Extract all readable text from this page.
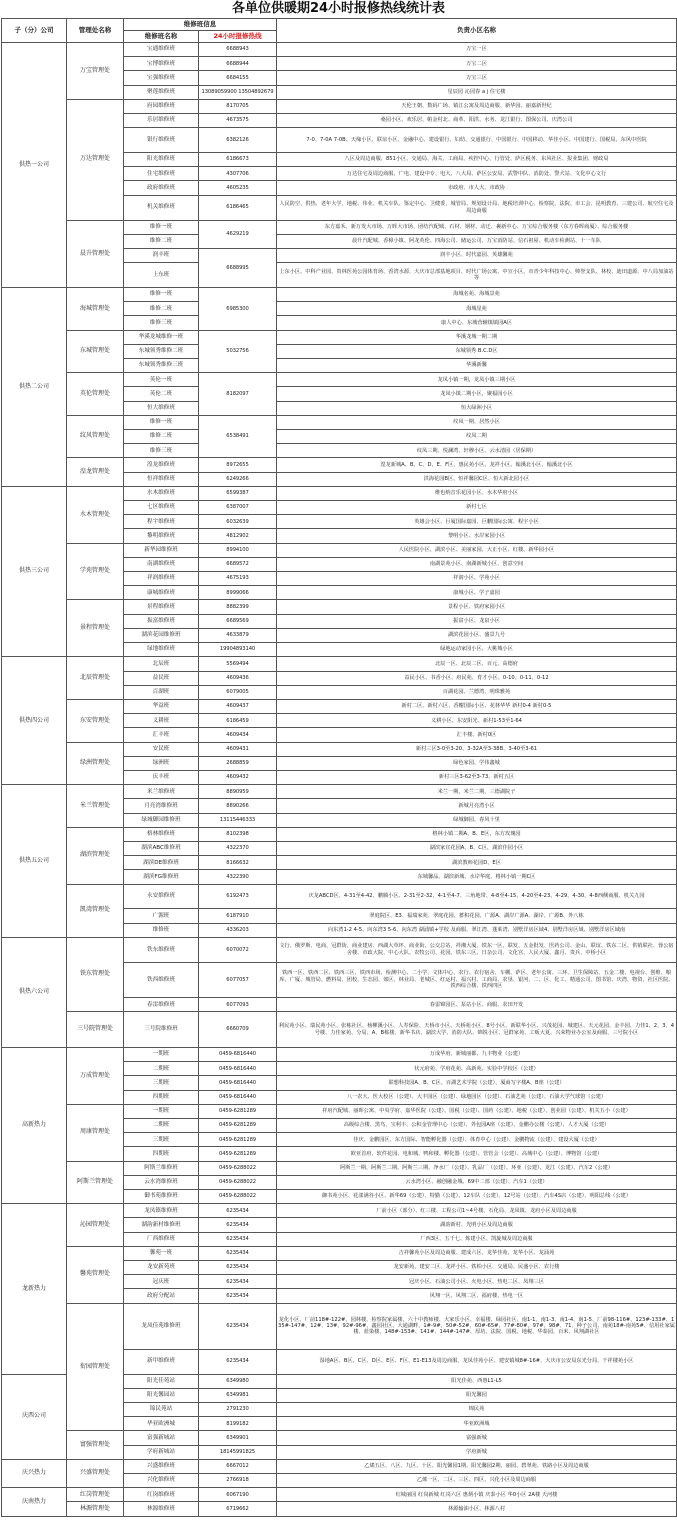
各单位供暖期24小时报修热线统计表
子（分）公司	管理处名称	维修班信息		负责小区名称
		维修班名称	24小时报修热线	
供热一公司	万宝管理处	宝通维修班	6688943	万宝一区
		宝博维修班	6688944	万宝二区
		宝强维修班	6684155	万宝三区
		聚莲维修班	13089059900 13504892679	星辰园 沁园春 a j 住宅楼
	万达管理处	府园维修班	8170705	天伦王朝、数码广场、镇江公寓及周边商服、新华园、丽嘉新世纪
		乐居维修班	4673575	桑园小区、欢乐居、帕金村北、商革、阳洪、水务、龙江银行、图保公司、庆湾公司
		银行维修班	6382126	7-0、7-0A 7-0B、天缘小区、联谊小区、金融中心、建设银行、妇幼、交通银行、中国银行、中国移动、华佳小区、中国建行、国税局、东风中医院
		阳光维修班	6186673	八区及周边商服、851小区、交通局、海关、工商局、疾控中心、行管处、萨区税务、东风社区、报业集团、财政局
		住宅维修班	4307706	万达住宅及周边商服、广电、建设中专、电大、八大局、萨区公安局、武警中队、消防处、警犬站、文化中心文行
		政府维修班	4605235	市政府、市人大、市政协
		机关维修班	6186465	人民防空、供热、老年大学、地税、伟业、机关车队、鉴定中心、卫健委、城管局、规划设计局、地税培训中心、检察院、法院、市工会、昆明教育、三建公司、航空住宅及周边商服
	晨升管理处	维修一班	4629219	东方嘉禾、新万发大市场、万晖大市场、团结汽配城、石材、钢材、动迁、裹新中心、万宝综合服务楼（东方春晖商厦）、综合服务楼
		维修二班		晨升汽配城、香樟小镇、阿龙英伦、四海公司、储运公司、万宝消防站、信石祖屋、机动车检测站、十一车队
		润丰班	6688995	润丰小区、时代嘉园、英雄馨苑
		上东班		上东小区、中科产业园、贵林医苑公园体育场、香湾水源、大庆市总部基地项目、时代广场公寓、中宣小区、市青少年科技中心、帅誉支队、林校、迪田道源、中八局加油站等
供热二公司	海城管理处	维修一班	6985300	海城名苑、海城景苑
		维修二班		海城星苑
		维修三班		康人中心、东城营辅镇镇园A区
	东城管理处	华溪龙城维修一班	5032756	华溪龙城一期二期
		东城领秀维修二班		东城领秀 B.C.D区
		东城领秀维修三班		华溪新馨
	英伦管理处	英伦一班	8182097	龙凤小镇一期，龙凤小镇三期小区
		英伦二班		龙凤小镇二期小区，聚福园小区
		恒大维修班		恒大绿洲小区
	纹风管理处	维修一班	6538491	纹凤一期、居然小区
		维修二班		纹凤二期
		维修三班		纹凤三期、悦澜湾、轩穆小区、云水清园（居保期）
	湟龙管理处	湟龙维修班	8972655	湟龙新城A、B、C、D、E、F区，惠民苑小区、龙祥小区、翰溪北小区、翰溪北小区
		恒祥维修班	6249266	洪海花园B区、恒祥馨园C区、恒大新北园小区
供热三公司	水木管理处	水木维修班	6599387	维也纳音乐花园小区、水木华府小区
		七区维修班	6387007	新村七区
		程宇维修班	6032639	英雄会小区、巨厦国际嘉园、巨鹏国际公寓、程宇小区
		黎明维修班	4812902	黎明小区、水岸家园小区
	学苑管理处	新华园维修班	8994100	人民医院小区、湖滨小区、美丽家园、大正小区、红楼、新华园小区
		南湖维修班	6689572	南湖景苑小区、南湖新城小区、创意空间
		祥润维修班	4675193	祥润小区、学苑小区
		康城维修班	8999066	康城小区、学子嘉园
	景程管理处	景程维修班	8882399	景程小区、铁府家园小区
		振富维修班	6689569	振富小区、龙泉小区
		湖滨花园维修班	4633879	湖滨花园小区、盛景九号
		绿地维修班	19904893140	绿地运动家园小区、大桃城小区
供热四公司	北辰管理处	北辰班	5569494	北辰一区、北辰二区、百元、高德府
		益民班	4609436	益民小区、书香小区、府民苑、育才小区、0-10、0-11、0-12
		百湖班	6079005	百湖花园、兰德湾、明珠雅苑
	东安管理处	华益班	4609437	新村二区、新村六区、香榭国际小区、花林华华 新村0-4 新村0-5
		义耕班	6186459	义耕小区、东安阳光、新村1-53至1-64
		汇丰班	4609434	汇丰楼、新村0区
	绿洲管理处	安民班	4609431	新村三区3-0至3-20、3-32A至3-38B、3-40至3-61
		绿洲班	2688859	绿色家园、学伟鑫城
		庆丰班	4609432	新村三区3-62至3-73、新村五区
供热五公司	米兰管理处	米兰维修班	8890959	米兰一期，米兰二期，三德湖院子
		月亮湾维修班	8890266	新城月亮湾小区
		绿城御园维修班	13115446333	绿城御园、春风十里
	湖滨管理处	格林维修班	8102398	格林小镇二期A、B、E区，东方玫瑰园
		湖滨ABC维修班	4322370	湖滨家宜花园A、B、C区，湖滨佳园小区
		湖滨DE维修班	8166632	湖滨教师花园D、E区
		湖滨FG维修班	4322390	东城馨品、湖滨新城、水岸华庭、格林小镇一期C区
	凯湾管理处	永安维修班	6192473	庆龙ABCD区、4-31至4-42、鹏腾小区、2-31至2-32、4-1至4-7、三角地带、4-8至4-15、4-20至4-23、4-29、4-30、4-8西侧商服、机关九园
		广源班	6187910	翠庭院区、E3、福瑞家苑、翠庭花园、蓄积花园、广源A、湖岸广源A、湖岸、广源B、外八栋
		维修班	4336203	向东湾1-2 4-5、向东湾3 5-6、向东湾 湖浦镇+学校 及商服、翠江湾、蓬莱湾、别墅洋房区域4、别墅洋房区域、别墅洋房区域南
供热六公司	铁东管理处	铁东维修班	6070072	文行、俄罗斯、电商、冠群街、商业建房、西湖大草坪、商业街、公交总站、祥湘大厦、铁东一区、联发、五金批发、医药公司、金山、联谊、铁东二区、供销联社、蓉公宿舍楼、市政大院、中心大队、农牧公司、花园、铁东三区、日杂公司、文化宫、人民大厦、鑫月、贵兵、中桥小区
		铁西维修班	6077057	铁西一区、铁西二区、铁西三区、铁西市场、检测中心、二小学、文体中心、农行、农行宿舍、车棚、萨区、老年公寓、三环、卫生保障站、五金二楼、电视台、创维、粮库、广厦、城管局、燃料局、团校、生态园、郊区、林业局、老城区、红运村、福兴村、工商局、农垦、银河、二、区、化工、精通公司、图书馆、庆湾、物资、社区医院、铁西综合楼、铁西四区
		春雷维修班	6077093	春雷锦园区、泵站小区、商服、农田开发
	三号院管理处	三号院维修班	6660709	利民苑小区、瑞民苑小区、张栋社区、杨柳溪小区、人寿保险、天桥市小区、天桥苑小区、8号小区、新联华小区、兴茂花园、城建区、天元花园、金丰园、力佳1、2、3、4号楼、力佳家苑、分局、A、B栋楼、新华书店、湖滨大学、消防大队、锦锐小区、冠群家苑、工贩大夏、兴荣物业办公室及商服、三号院小区
高新热力	万成管理处	一期班	0459-6816440	万成华府、新城丽都、九丰物业（公建）
		二期班	0459-6816440	状元府苑、学府花苑、高新苑、实验中学校区（公建）
		三期班	0459-6816440	联想科技园A、B、C区、百湖艺术学院（公建）、厦商写字楼A、B座（公建）
		四期班	0459-6816440	八一农大、医大校区（公建）、大丰园区（公建）、绿地园区（公建）、石油艺苑（公建）、石油大学气球馆（公建）
	周康管理处	一期班	0459-6281289	祥府汽配城、丽晖公寓、中央学府、嘉华医院（公建）、国税（公建）、国药（公建）、地税（公建）、创业园（公建）、机关五小（公建）
		二期班	0459-6281289	高级综合楼、黑鸟、宝利丰、公积金管理中心（公建）、外包园A座（公建）、金鹏办公楼（公建）、人才大厦（公建）
		三期班	0459-6281289	佳庆、金鹏园区、东方国际、智能孵化器（公建）、体育中心（公建）、金鹏物流（公建）、建设大厦（公建）
		四期班	0459-6281289	欧亚首府、软件花园、电和城、鸭和楼、孵化器（公建）、管管会（公建）、高城中心（公建）、博物馆（公建）
	阿斯兰管理处	阿斯兰维修班	0459-6288022	阿斯兰一期、阿斯兰二期、阿斯兰三期、净水厂（公建）、乳品厂（公建）、环亚（公建）、龙江（公建）、汽车2（公建）
		云水湾维修班	0459-6288022	云水湾小区、融创融金城、69中二部（公建）、汽车1（公建）
		御书苑维修班	0459-6288022	御书苑小区、花漾满谷小区、新华69（公建）、特勤（公建）、12车队（公建）、12号站（公建）、汽车4S店（公建）、明阳总线（公建）
龙新热力	沁园管理处	龙凤镇维修班	6235434	厂前小区（部分）、红三楼、工程公司1~4号楼、石化局、龙凤镇、龙府小区及周边商服
		湖韵新村维修班	6235434	湖韵新村、光明小区及周边商服
		厂西维修班	6235434	厂西3区、五千七、炼建小区、凯旋城及周边商服
	馨苑管理处	馨苑一班	6235434	吉祥馨苑小区及周边商服、建成六区、龙华佳苑、龙华小区、龙涌苑
		龙安新苑班	6235434	龙安新苑、建安二区、龙祥小区、铁柏小区、交通局、民盛小区、农行楼
		冠庆班	6235434	冠庆小区、石油公司小区、火电小区、热电二区、凤翔三区
		政府分配站	6235434	风翔一区、风翔二区、福府楼、热电一区
	衔园管理处	龙凤佳苑维修班	6235434	龙化小区、厂前118#-122#、园林楼、检察院家属楼、六十中教师楼、大家乐小区、幸福楼、绿园社区、南1-1、南1-3、南1-4、南1-5、厂前98-116#、123#-133#、135#-147#、12#、13#、92#-96#、鑫园社区、大通湖畔、1#-9#、50#-52#、60#-65#、77#-80#、97#、98#、71、种子公司、南苑18#-南苑5#、信用社家属楼、蓝染楼、148#-153#、141#、144#-147#、厚坊、法院、国税、地税、华泰园、百米、风翔湖社区
		新甲维修班	6235434	湿地A区、B区、C区、D区、E区、F区、E1-E13及周边商服、龙凤佳苑小区、建安镇城8#-16#、大庆市公安局东光分局、千祥楼苑小区
庆西公司		阳光佳苑站	6349980	阳光佳苑、西惠L1-L5
		阳光馨园站	6349981	阳光馨园
		锦民苑站	2791230	锦民苑
		华亚欧洲城	8199182	华亚欧洲城
	富强管理处	富强新城站	6349901	富强新城
		学府新城站	18145991825	学府新城
庆兴热力	兴盛管理处	兴盛维修班	6667012	乙烯五区、八区、九区、十区、阳光馨园1期、阳光馨园2期、丽园、碧翠苑、铁路小区及周边商服
		兴化维修班	2766918	乙烯一区、二区、三区、四区、兴化小区及周边商服
庆南热力	红岗管理处	红岗维修班	6067190	红城丽园 红岗新城 红岗六区 惠炳小镇 庆泰小区 华0小区 2A楼 天河楼
	林源管理处	林源维修班	6719662	林源输油小区、林源八村
